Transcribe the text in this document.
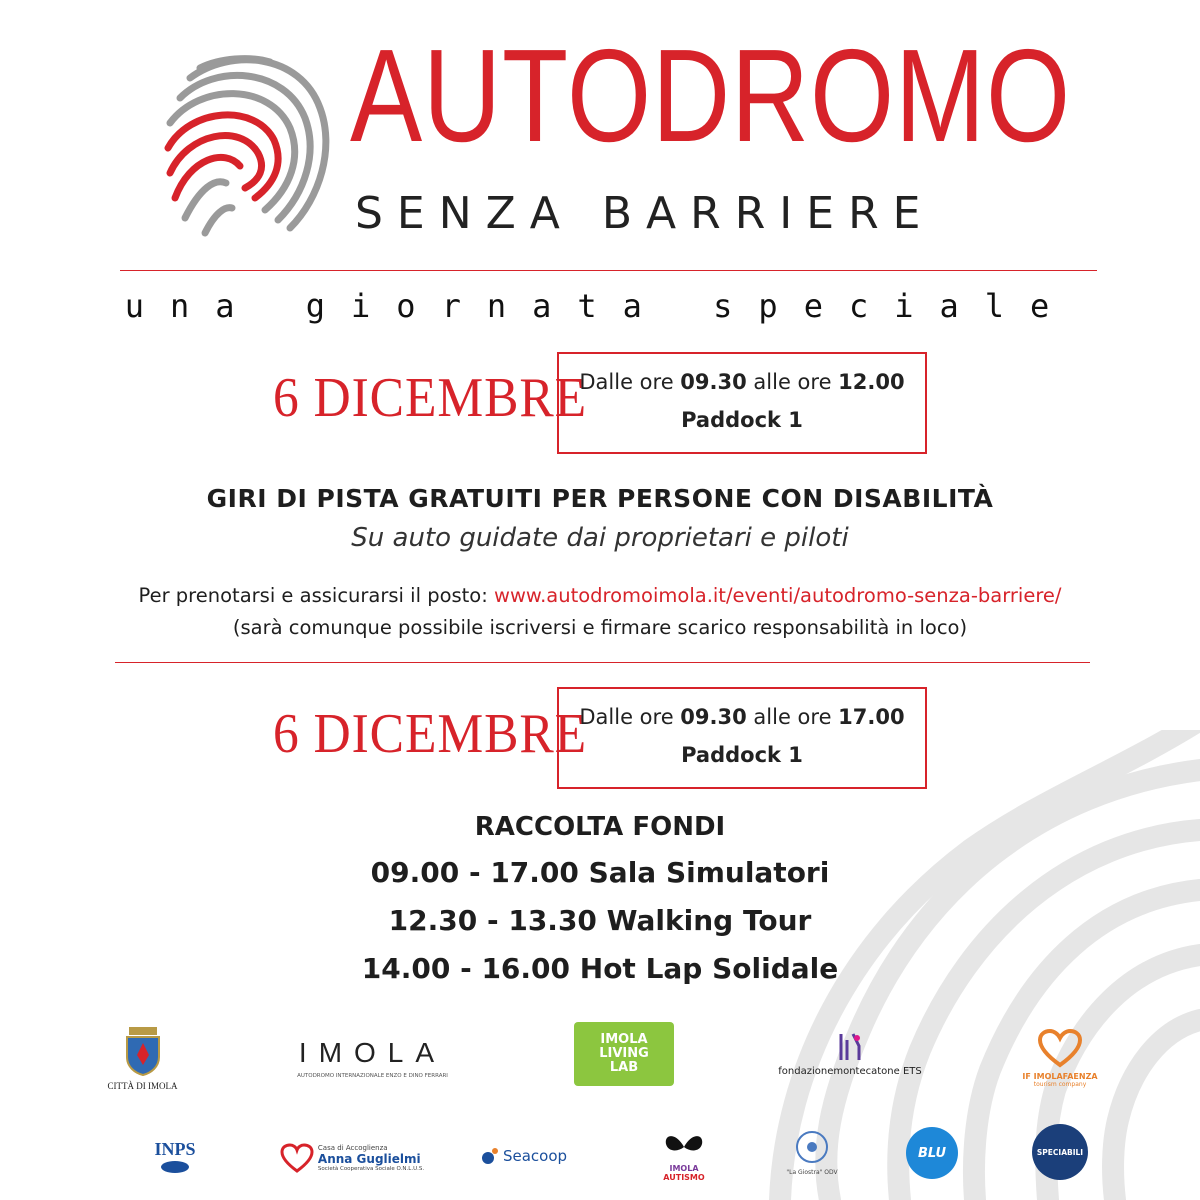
AUTODROMO
SENZA BARRIERE
una giornata speciale
6 DICEMBRE
Dalle ore 09.30 alle ore 12.00
Paddock 1
GIRI DI PISTA GRATUITI PER PERSONE CON DISABILITÀ
Su auto guidate dai proprietari e piloti
Per prenotarsi e assicurarsi il posto: www.autodromoimola.it/eventi/autodromo-senza-barriere/
(sarà comunque possibile iscriversi e firmare scarico responsabilità in loco)
6 DICEMBRE
Dalle ore 09.30 alle ore 17.00
Paddock 1
RACCOLTA FONDI
09.00 - 17.00 Sala Simulatori
12.30 - 13.30 Walking Tour
14.00 - 16.00 Hot Lap Solidale
CITTÀ DI IMOLA
IMOLA
AUTODROMO INTERNAZIONALE ENZO E DINO FERRARI
IMOLA LIVING LAB	fondazionemontecatone ETS	IF IMOLAFAENZA
tourism company
INPS	Casa di Accoglienza
Anna Guglielmi
Società Cooperativa Sociale O.N.L.U.S.
Seacoop
IMOLA
AUTISMO
"La Giostra" ODV
BLU	SPECIABILI
